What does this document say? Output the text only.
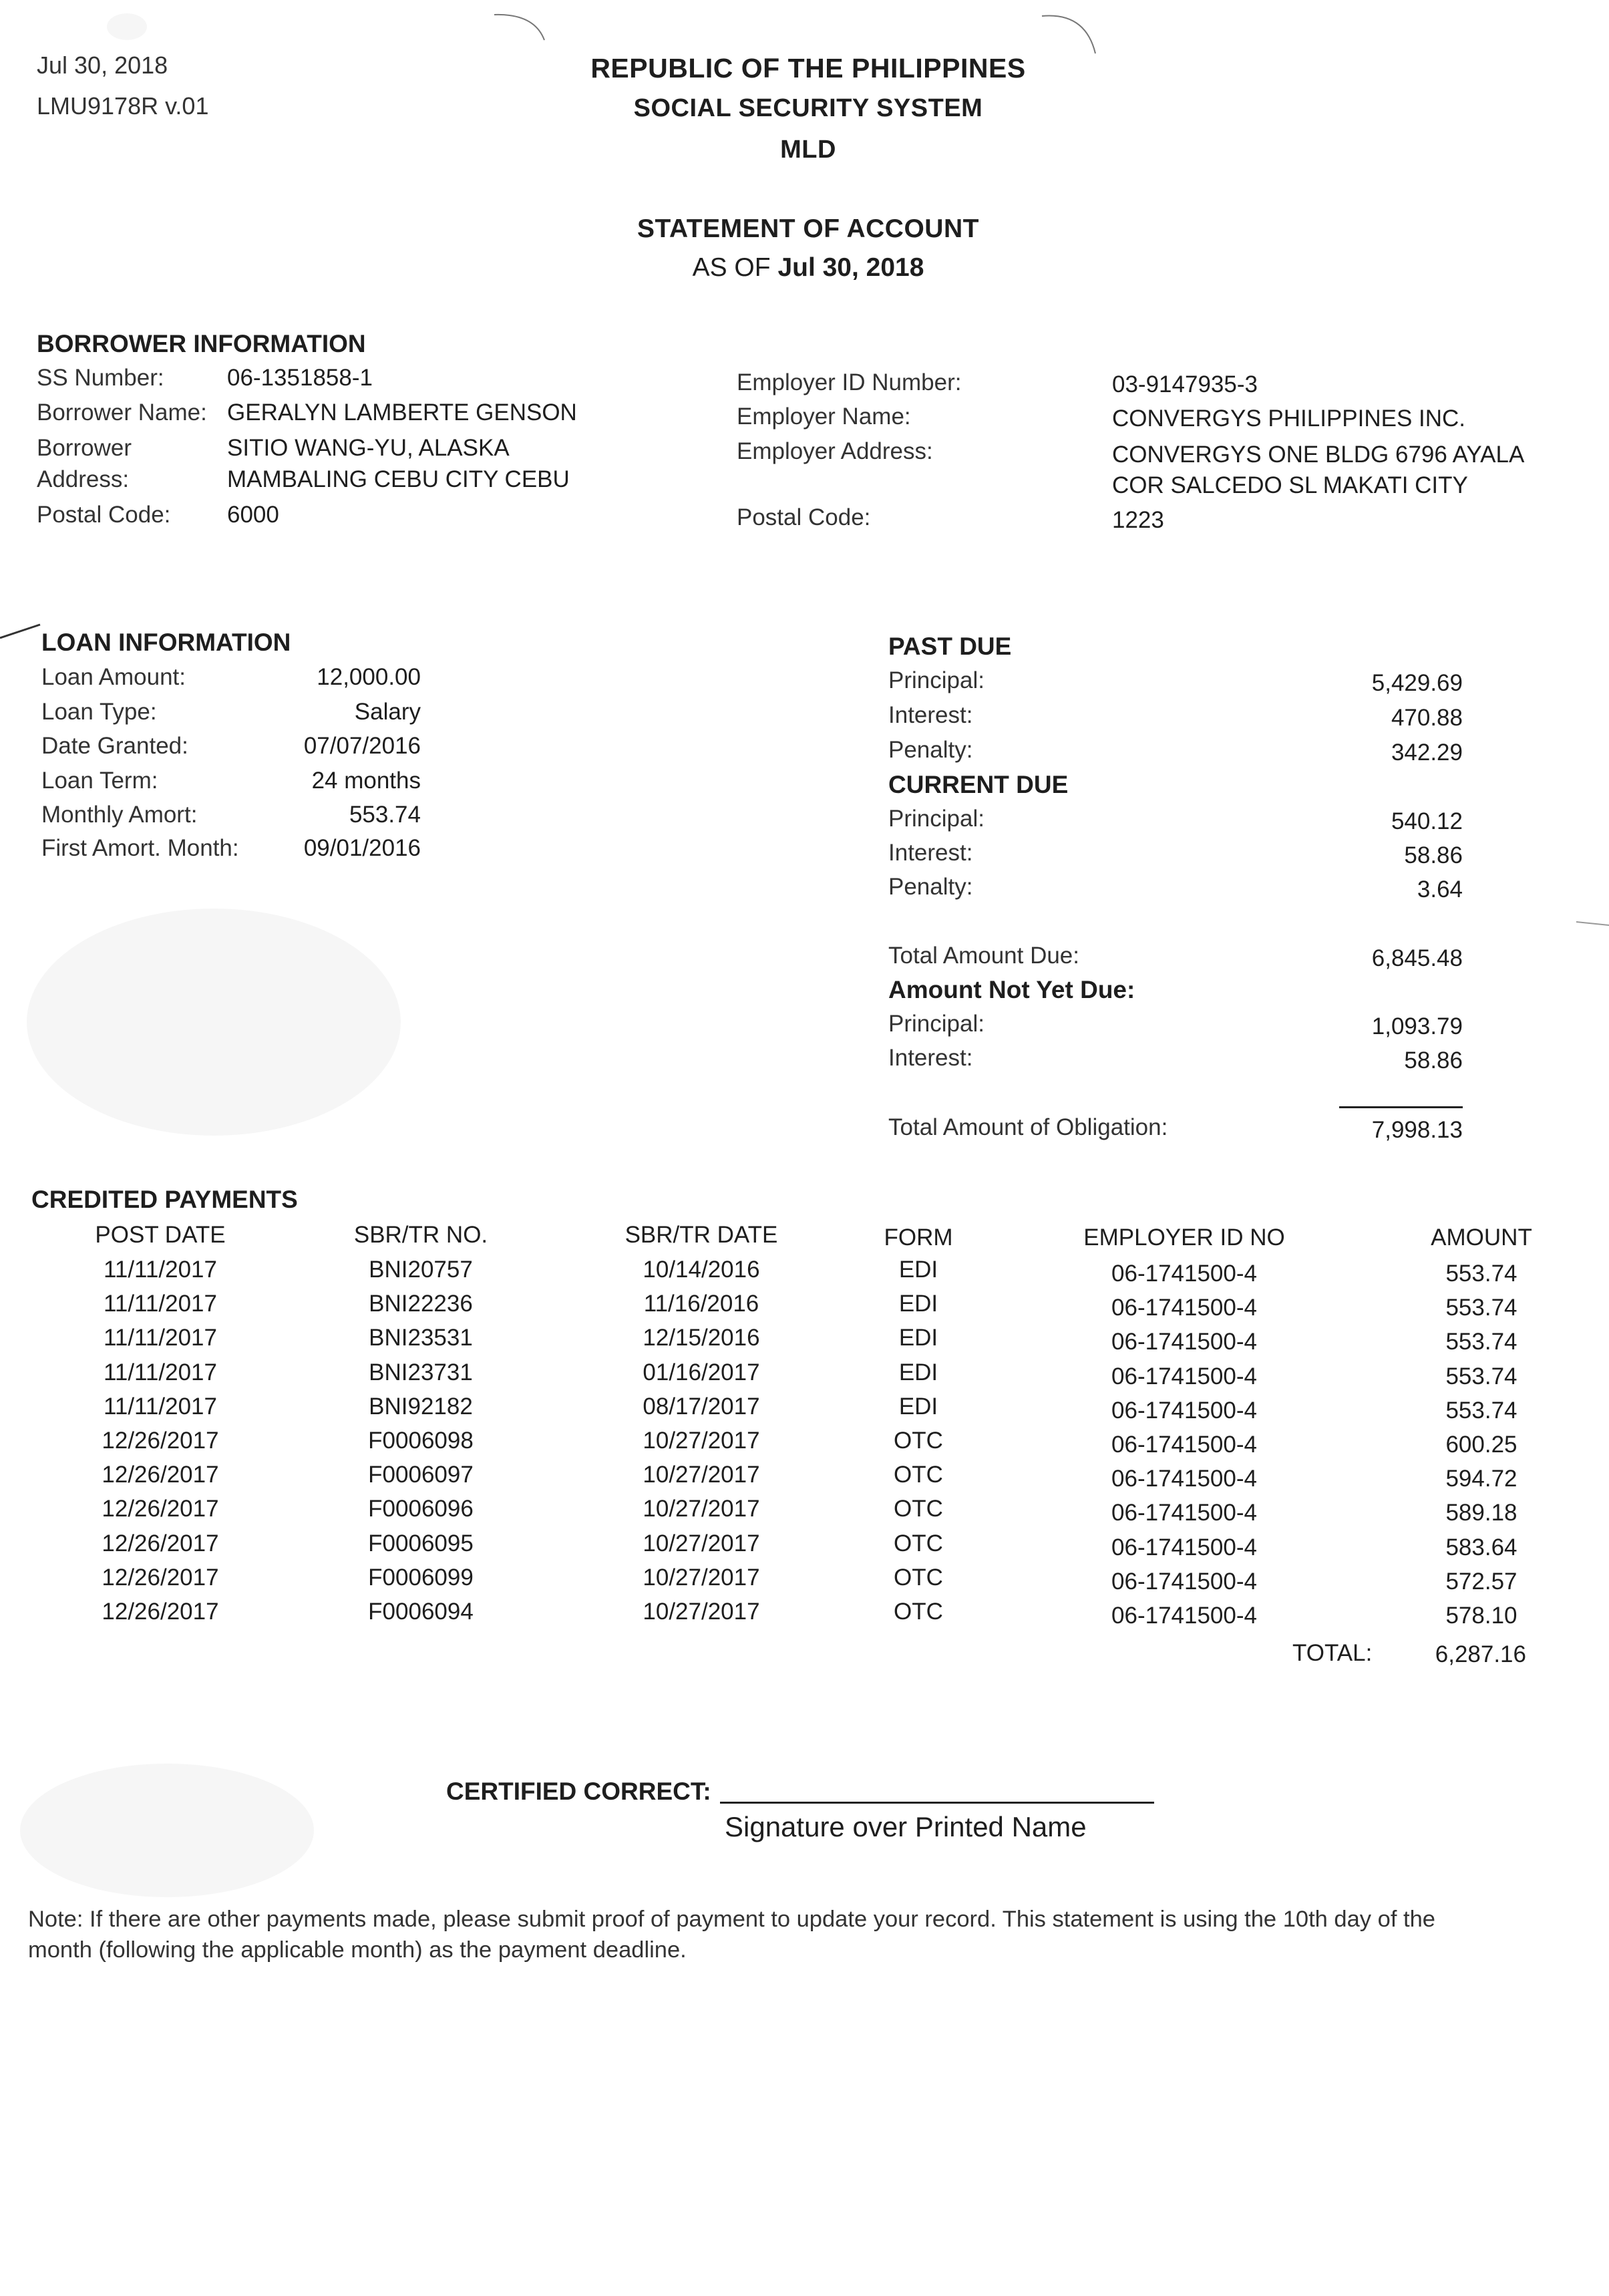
Jul 30, 2018
LMU9178R v.01
REPUBLIC OF THE PHILIPPINES
SOCIAL SECURITY SYSTEM
MLD
STATEMENT OF ACCOUNT
AS OF Jul 30, 2018
BORROWER INFORMATION
SS Number:	06-1351858-1
Borrower Name: GERALYN LAMBERTE GENSON
Borrower
Address:
SITIO WANG-YU, ALASKA
MAMBALING CEBU CITY CEBU
Postal Code: 6000
Employer ID Number:	03-9147935-3
Employer Name:	CONVERGYS PHILIPPINES INC.
Employer Address:	CONVERGYS ONE BLDG 6796 AYALA
COR SALCEDO SL MAKATI CITY
Postal Code:	1223
LOAN INFORMATION
Loan Amount:	12,000.00
Loan Type:	Salary
Date Granted:	07/07/2016
Loan Term:	24 months
Monthly Amort:	553.74
First Amort. Month:	09/01/2016
PAST DUE
Principal:	5,429.69
Interest:	470.88
Penalty:	342.29
CURRENT DUE
Principal:	540.12
Interest:	58.86
Penalty:	3.64
Total Amount Due:	6,845.48
Amount Not Yet Due:
Principal:	1,093.79
Interest:	58.86
Total Amount of Obligation:	7,998.13
CREDITED PAYMENTS
POST DATE	SBR/TR NO.	SBR/TR DATE	FORM	EMPLOYER ID NO	AMOUNT
11/11/2017	BNI20757	10/14/2016	EDI	06-1741500-4	553.74
11/11/2017	BNI22236	11/16/2016	EDI	06-1741500-4	553.74
11/11/2017	BNI23531	12/15/2016	EDI	06-1741500-4	553.74
11/11/2017	BNI23731	01/16/2017	EDI	06-1741500-4	553.74
11/11/2017	BNI92182	08/17/2017	EDI	06-1741500-4	553.74
12/26/2017	F0006098	10/27/2017	OTC	06-1741500-4	600.25
12/26/2017	F0006097	10/27/2017	OTC	06-1741500-4	594.72
12/26/2017	F0006096	10/27/2017	OTC	06-1741500-4	589.18
12/26/2017	F0006095	10/27/2017	OTC	06-1741500-4	583.64
12/26/2017	F0006099	10/27/2017	OTC	06-1741500-4	572.57
12/26/2017	F0006094	10/27/2017	OTC	06-1741500-4	578.10
TOTAL:	6,287.16
CERTIFIED CORRECT:
Signature over Printed Name
Note: If there are other payments made, please submit proof of payment to update your record. This statement is using the 10th day of the
month (following the applicable month) as the payment deadline.
